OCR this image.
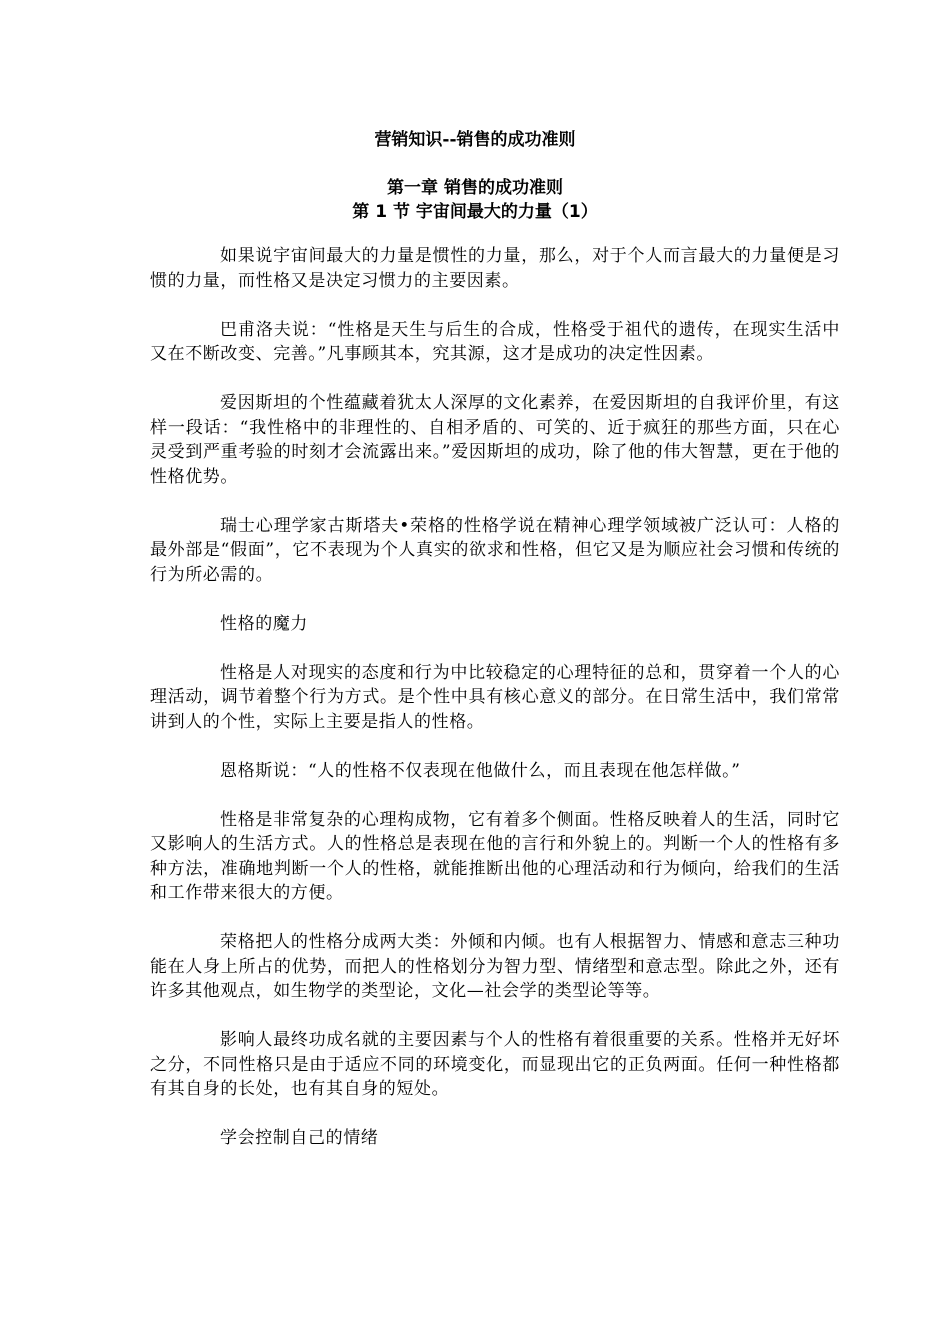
营销知识--销售的成功准则
第一章 销售的成功准则
第 1 节 宇宙间最大的力量（1）

如果说宇宙间最大的力量是惯性的力量，那么，对于个人而言最大的力量便是习惯的力量，而性格又是决定习惯力的主要因素。

巴甫洛夫说：“性格是天生与后生的合成，性格受于祖代的遗传，在现实生活中又在不断改变、完善。”凡事顾其本，究其源，这才是成功的决定性因素。

爱因斯坦的个性蕴藏着犹太人深厚的文化素养，在爱因斯坦的自我评价里，有这样一段话：“我性格中的非理性的、自相矛盾的、可笑的、近于疯狂的那些方面，只在心灵受到严重考验的时刻才会流露出来。”爱因斯坦的成功，除了他的伟大智慧，更在于他的性格优势。

瑞士心理学家古斯塔夫•荣格的性格学说在精神心理学领域被广泛认可：人格的最外部是“假面”，它不表现为个人真实的欲求和性格，但它又是为顺应社会习惯和传统的行为所必需的。

性格的魔力

性格是人对现实的态度和行为中比较稳定的心理特征的总和，贯穿着一个人的心理活动，调节着整个行为方式。是个性中具有核心意义的部分。在日常生活中，我们常常讲到人的个性，实际上主要是指人的性格。

恩格斯说：“人的性格不仅表现在他做什么，而且表现在他怎样做。”

性格是非常复杂的心理构成物，它有着多个侧面。性格反映着人的生活，同时它又影响人的生活方式。人的性格总是表现在他的言行和外貌上的。判断一个人的性格有多种方法，准确地判断一个人的性格，就能推断出他的心理活动和行为倾向，给我们的生活和工作带来很大的方便。

荣格把人的性格分成两大类：外倾和内倾。也有人根据智力、情感和意志三种功能在人身上所占的优势，而把人的性格划分为智力型、情绪型和意志型。除此之外，还有许多其他观点，如生物学的类型论，文化—社会学的类型论等等。

影响人最终功成名就的主要因素与个人的性格有着很重要的关系。性格并无好坏之分，不同性格只是由于适应不同的环境变化，而显现出它的正负两面。任何一种性格都有其自身的长处，也有其自身的短处。

学会控制自己的情绪
